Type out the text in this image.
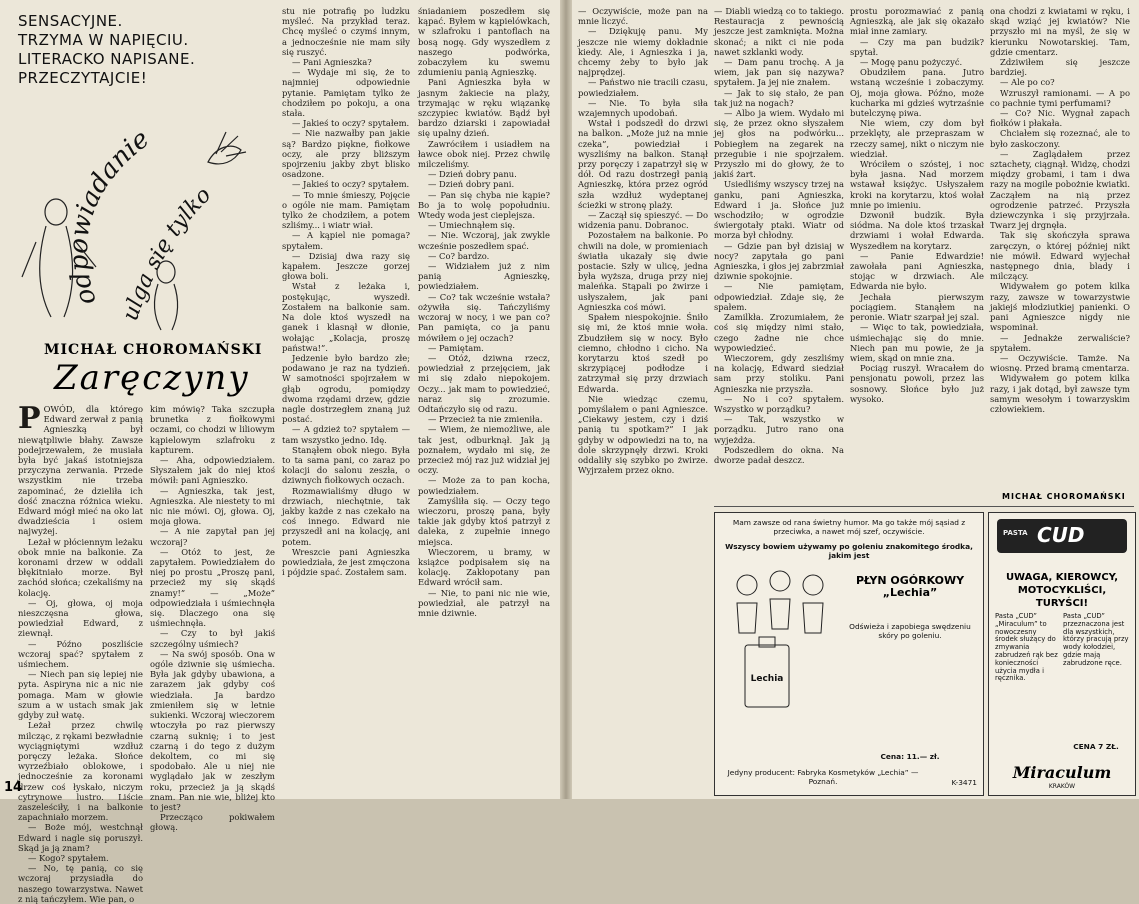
SENSACYJNE.
TRZYMA W NAPIĘCIU.
LITERACKO NAPISANE.
PRZECZYTAJCIE!
odpowiadanie
ulga się tylko
MICHAŁ CHOROMAŃSKI
Zaręczyny

POWÓD, dla którego Edward zerwał z panią Agnieszką był niewątpliwie błahy. Zawsze podejrzewałem, że musiała była być jakaś istotniejsza przyczyna zerwania. Przede wszystkim nie trzeba zapominać, że dzieliła ich dość znaczna różnica wieku. Edward mógł mieć na oko lat dwadzieścia i osiem najwyżej.

Leżał w płóciennym leżaku obok mnie na balkonie. Za koronami drzew w oddali błękitniało morze. Był zachód słońca; czekaliśmy na kolację.

— Oj, głowa, oj moja nieszczęsna głowa, powiedział Edward, z ziewnął.

— Późno poszliście wczoraj spać? spytałem z uśmiechem.

— Niech pan się lepiej nie pyta. Aspiryna nic a nic nie pomaga. Mam w głowie szum a w ustach smak jak gdyby zuł watę.

Leżał przez chwilę milcząc, z rękami bezwładnie wyciągniętymi wzdłuż poręczy leżaka. Słońce wyrzeźbiało oblokowe, i jednocześnie za koronami drzew coś łyskało, niczym cytrynowe lustro. Liście zaszeleściły, i na balkonie zapachniało morzem.

— Boże mój, westchnął Edward i nagle się poruszył. Skąd ja ją znam?

— Kogo? spytałem.

— No, tę panią, co się wczoraj przysiadła do naszego towarzystwa. Nawet z nią tańczyłem. Wie pan, o

kim mówię? Taka szczupła brunetka z fiołkowymi oczami, co chodzi w liliowym kąpielowym szlafroku z kapturem.

— Aha, odpowiedziałem. Słyszałem jak do niej ktoś mówił: pani Agnieszko.

— Agnieszka, tak jest, Agnieszka. Ale niestety to mi nic nie mówi. Oj, głowa. Oj, moja głowa.

— A nie zapytał pan jej wczoraj?

— Otóż to jest, że zapytałem. Powiedziałem do niej po prostu „Proszę pani, przecież my się skądś znamy!” — „Może” odpowiedziała i uśmiechnęła się. Dlaczego ona się uśmiechnęła.

— Czy to był jakiś szczególny uśmiech?

— Na swój sposób. Ona w ogóle dziwnie się uśmiecha. Była jak gdyby ubawiona, a zarazem jak gdyby coś wiedziała. Ja bardzo zmieniłem się w letnie sukienki. Wczoraj wieczorem wtoczyła po raz pierwszy czarną suknię; i to jest czarną i do tego z dużym dekoltem, co mi się spodobało. Ale u niej nie wyglądało jak w zeszłym roku, przecież ja ją skądś znam. Pan nie wie, bliżej kto to jest?

Przecząco pokiwałem głową.

stu nie potrafię po ludzku myśleć. Na przykład teraz. Chcę myśleć o czymś innym, a jednocześnie nie mam siły się ruszyć.

— Pani Agnieszka?

— Wydaje mi się, że to najmniej odpowiednie pytanie. Pamiętam tylko że chodziłem po pokoju, a ona stała.

— Jakieś to oczy? spytałem.

— Nie nazwałby pan jakie są? Bardzo piękne, fiołkowe oczy, ale przy bliższym spojrzeniu jakby zbyt blisko osadzone.

— Jakieś to oczy? spytałem.

— To mnie śmieszy, Pojęcie o ogóle nie mam. Pamiętam tylko że chodziłem, a potem szliśmy... i wiatr wiał.

— A kąpiel nie pomaga? spytałem.

— Dzisiaj dwa razy się kąpałem. Jeszcze gorzej głowa boli.

Wstał z leżaka i, postękując, wyszedł. Zostałem na balkonie sam. Na dole ktoś wyszedł na ganek i klasnął w dłonie, wołając „Kolacja, proszę państwa!”.

Jedzenie było bardzo złe; podawano je raz na tydzień. W samotności spojrzałem w głąb ogrodu, pomiędzy dwoma rzędami drzew, gdzie nagle dostrzegłem znaną już postać.

— A gdzież to? spytałem — tam wszystko jedno. Idę.

Stanąłem obok niego. Była to ta sama pani, co zaraz po kolacji do salonu zeszła, o dziwnych fiołkowych oczach.

Rozmawialiśmy długo w drzwiach, niechętnie, tak jakby każde z nas czekało na coś innego. Edward nie przyszedł ani na kolację, ani potem.

Wreszcie pani Agnieszka powiedziała, że jest zmęczona i pójdzie spać. Zostałem sam.

śniadaniem poszedłem się kąpać. Byłem w kąpielówkach, w szlafroku i pantoflach na bosą nogę. Gdy wyszedłem z naszego podwórka, zobaczyłem ku swemu zdumieniu panią Agnieszkę.

Pani Agnieszka była w jasnym żakiecie na plaży, trzymając w ręku wiązankę szczypiec kwiatów. Bądź był bardzo dziarski i zapowiadał się upalny dzień.

Zawróciłem i usiadłem na ławce obok niej. Przez chwilę milczeliśmy.

— Dzień dobry panu.

— Dzień dobry pani.

— Pan się chyba nie kąpie? Bo ja to wolę popołudniu. Wtedy woda jest cieplejsza.

— Umiechnąłem się.

— Nie. Wczoraj, jak zwykle wcześnie poszedłem spać.

— Co? bardzo.

— Widziałem już z nim panią Agnieszkę, powiedziałem.

— Co? tak wcześnie wstała? ożywiła się. Tańczyliśmy wczoraj w nocy, i we pan co? Pan pamięta, co ja panu mówiłem o jej oczach?

— Pamiętam.

— Otóż, dziwna rzecz, powiedział z przejęciem, jak mi się zdało niepokojem. Oczy... jak mam to powiedzieć, naraz się zrozumie. Odtańczyło się od razu.

— Przecież ta nie zmieniła.

— Wiem, że niemożliwe, ale tak jest, odburknął. Jak ją poznałem, wydało mi się, że przecież mój raz już widział jej oczy.

— Może za to pan kocha, powiedziałem.

Zamyśliła się. — Oczy tego wieczoru, proszę pana, były takie jak gdyby ktoś patrzył z daleka, z zupełnie innego miejsca.

Wieczorem, u bramy, w książce podpisałem się na kolację. Zakłopotany pan Edward wrócił sam.

— Nie, to pani nic nie wie, powiedział, ale patrzył na mnie dziwnie.

14

— Oczywiście, może pan na mnie liczyć.

— Dziękuję panu. My jeszcze nie wiemy dokładnie kiedy. Ale, i Agnieszka i ja, chcemy żeby to było jak najprędzej.

— Państwo nie tracili czasu, powiedziałem.

— Nie. To była siła wzajemnych upodobań.

Wstał i podszedł do drzwi na balkon. „Może już na mnie czeka”, powiedział i wyszliśmy na balkon. Stanął przy poręczy i zapatrzył się w dół. Od razu dostrzegł panią Agnieszkę, która przez ogród szła wzdłuż wydeptanej ścieżki w stronę plaży.

— Zaczął się spieszyć. — Do widzenia panu. Dobranoc.

Pozostałem na balkonie. Po chwili na dole, w promieniach światła ukazały się dwie postacie. Szły w ulicę, jedna była wyższa, druga przy niej maleńka. Stąpali po żwirze i usłyszałem, jak pani Agnieszka coś mówi.

Spałem niespokojnie. Śniło się mi, że ktoś mnie woła. Zbudziłem się w nocy. Było ciemno, chłodno i cicho. Na korytarzu ktoś szedł po skrzypiącej podłodze i zatrzymał się przy drzwiach Edwarda.

Nie wiedząc czemu, pomyślałem o pani Agnieszce. „Ciekawy jestem, czy i dziś panią tu spotkam?” I jak gdyby w odpowiedzi na to, na dole skrzypnęły drzwi. Kroki oddaliły się szybko po żwirze. Wyjrzałem przez okno.

— Diabli wiedzą co to takiego. Restauracja z pewnością jeszcze jest zamknięta. Można skonać; a nikt ci nie poda nawet szklanki wody.

— Dam panu trochę. A ja wiem, jak pan się nazywa? spytałem. Ja jej nie znałem.

— Jak to się stało, że pan tak już na nogach?

— Albo ja wiem. Wydało mi się, że przez okno słyszałem jej głos na podwórku... Pobiegłem na zegarek na przegubie i nie spojrzałem. Przyszło mi do głowy, że to jakiś żart.

Usiedliśmy wszyscy trzej na ganku, pani Agnieszka, Edward i ja. Słońce już wschodziło; w ogrodzie świergotały ptaki. Wiatr od morza był chłodny.

— Gdzie pan był dzisiaj w nocy? zapytała go pani Agnieszka, i głos jej zabrzmiał dziwnie spokojnie.

— Nie pamiętam, odpowiedział. Zdaje się, że spałem.

Zamilkła. Zrozumiałem, że coś się między nimi stało, czego żadne nie chce wypowiedzieć.

Wieczorem, gdy zeszliśmy na kolację, Edward siedział sam przy stoliku. Pani Agnieszka nie przyszła.

— No i co? spytałem. Wszystko w porządku?

— Tak, wszystko w porządku. Jutro rano ona wyjeżdża.

Podszedłem do okna. Na dworze padał deszcz.

prostu porozmawiać z panią Agnieszką, ale jak się okazało miał inne zamiary.

— Czy ma pan budzik? spytał.

— Mogę panu pożyczyć.

Obudziłem pana. Jutro wstaną wcześnie i zobaczymy. Oj, moja głowa. Późno, może kucharka mi gdzieś wytrzaśnie butelczynę piwa.

Nie wiem, czy dom był przeklęty, ale przepraszam w rzeczy samej, nikt o niczym nie wiedział.

Wróciłem o szóstej, i noc była jasna. Nad morzem wstawał księżyc. Usłyszałem kroki na korytarzu, ktoś wołał mnie po imieniu.

Dzwonił budzik. Była siódma. Na dole ktoś trzaskał drzwiami i wołał Edwarda. Wyszedłem na korytarz.

— Panie Edwardzie! zawołała pani Agnieszka, stojąc w drzwiach. Ale Edwarda nie było.

Jechała pierwszym pociągiem. Stanąłem na peronie. Wiatr szarpał jej szal.

— Więc to tak, powiedziała, uśmiechając się do mnie. Niech pan mu powie, że ja wiem, skąd on mnie zna.

Pociąg ruszył. Wracałem do pensjonatu powoli, przez las sosnowy. Słońce było już wysoko.

ona chodzi z kwiatami w ręku, i skąd wziąć jej kwiatów? Nie przyszło mi na myśl, że się w kierunku Nowotarskiej. Tam, gdzie cmentarz.

Zdziwiłem się jeszcze bardziej.

— Ale po co?

Wzruszył ramionami. — A po co pachnie tymi perfumami?

— Co? Nic. Wygnał zapach fiołków i płakała.

Chciałem się rozeznać, ale to było zaskoczony.

— Zaglądałem przez sztachety, ciągnął. Widzę, chodzi między grobami, i tam i dwa razy na mogile pobożnie kwiatki. Zacząłem na nią przez ogrodzenie patrzeć. Przyszła dziewczynka i się przyjrzała. Twarz jej drgnęła.

Tak się skończyła sprawa zaręczyn, o której później nikt nie mówił. Edward wyjechał następnego dnia, blady i milczący.

Widywałem go potem kilka razy, zawsze w towarzystwie jakiejś młodziutkiej panienki. O pani Agnieszce nigdy nie wspominał.

— Jednakże zerwaliście? spytałem.

— Oczywiście. Tamże. Na wiosnę. Przed bramą cmentarza.

Widywałem go potem kilka razy, i jak dotąd, był zawsze tym samym wesołym i towarzyskim człowiekiem.

MICHAŁ CHOROMAŃSKI
Mam zawsze od rana świetny humor. Ma go także mój sąsiad z przeciwka, a nawet mój szef, oczywiście.
Wszyscy bowiem używamy po goleniu znakomitego środka, jakim jest
Lechia
PŁYN OGÓRKOWY „Lechia”
Odświeża i zapobiega swędzeniu skóry po goleniu.
Cena: 11.— zł.
Jedyny producent: Fabryka Kosmetyków „Lechia” — Poznań.	K-3471
PASTA CUD
UWAGA, KIEROWCY, MOTOCYKLIŚCI, TURYŚCI!
Pasta „CUD” „Miraculum” to nowoczesny środek służący do zmywania zabrudzeń rąk bez konieczności użycia mydła i ręcznika.
Pasta „CUD” przeznaczona jest dla wszystkich, którzy pracują przy wody kołodziei, gdzie mają zabrudzone ręce.
CENA 7 ZŁ.
Miraculum
KRAKÓW
